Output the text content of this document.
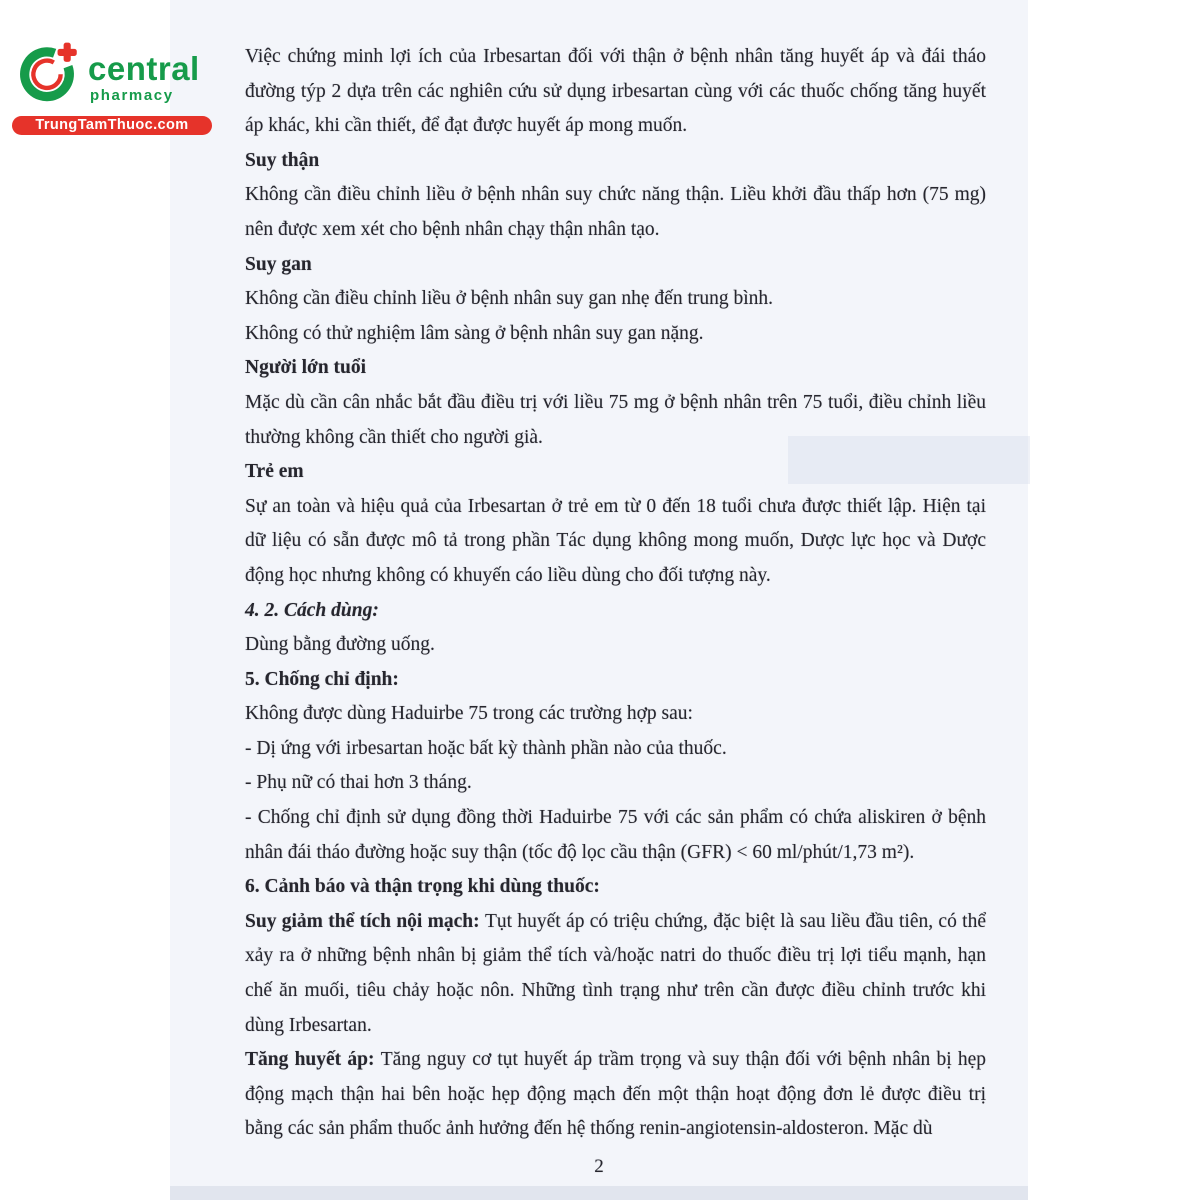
central
pharmacy
TrungTamThuoc.com

Việc chứng minh lợi ích của Irbesartan đối với thận ở bệnh nhân tăng huyết áp và đái tháo đường týp 2 dựa trên các nghiên cứu sử dụng irbesartan cùng với các thuốc chống tăng huyết áp khác, khi cần thiết, để đạt được huyết áp mong muốn.

Suy thận

Không cần điều chỉnh liều ở bệnh nhân suy chức năng thận. Liều khởi đầu thấp hơn (75 mg) nên được xem xét cho bệnh nhân chạy thận nhân tạo.

Suy gan

Không cần điều chỉnh liều ở bệnh nhân suy gan nhẹ đến trung bình.

Không có thử nghiệm lâm sàng ở bệnh nhân suy gan nặng.

Người lớn tuổi

Mặc dù cần cân nhắc bắt đầu điều trị với liều 75 mg ở bệnh nhân trên 75 tuổi, điều chỉnh liều thường không cần thiết cho người già.

Trẻ em

Sự an toàn và hiệu quả của Irbesartan ở trẻ em từ 0 đến 18 tuổi chưa được thiết lập. Hiện tại dữ liệu có sẵn được mô tả trong phần Tác dụng không mong muốn, Dược lực học và Dược động học nhưng không có khuyến cáo liều dùng cho đối tượng này.

4. 2. Cách dùng:

Dùng bằng đường uống.

5. Chống chỉ định:

Không được dùng Haduirbe 75 trong các trường hợp sau:

- Dị ứng với irbesartan hoặc bất kỳ thành phần nào của thuốc.

- Phụ nữ có thai hơn 3 tháng.

- Chống chỉ định sử dụng đồng thời Haduirbe 75 với các sản phẩm có chứa aliskiren ở bệnh nhân đái tháo đường hoặc suy thận (tốc độ lọc cầu thận (GFR) < 60 ml/phút/1,73 m²).

6. Cảnh báo và thận trọng khi dùng thuốc:

Suy giảm thể tích nội mạch: Tụt huyết áp có triệu chứng, đặc biệt là sau liều đầu tiên, có thể xảy ra ở những bệnh nhân bị giảm thể tích và/hoặc natri do thuốc điều trị lợi tiểu mạnh, hạn chế ăn muối, tiêu chảy hoặc nôn. Những tình trạng như trên cần được điều chỉnh trước khi dùng Irbesartan.

Tăng huyết áp: Tăng nguy cơ tụt huyết áp trầm trọng và suy thận đối với bệnh nhân bị hẹp động mạch thận hai bên hoặc hẹp động mạch đến một thận hoạt động đơn lẻ được điều trị bằng các sản phẩm thuốc ảnh hưởng đến hệ thống renin-angiotensin-aldosteron. Mặc dù

2
